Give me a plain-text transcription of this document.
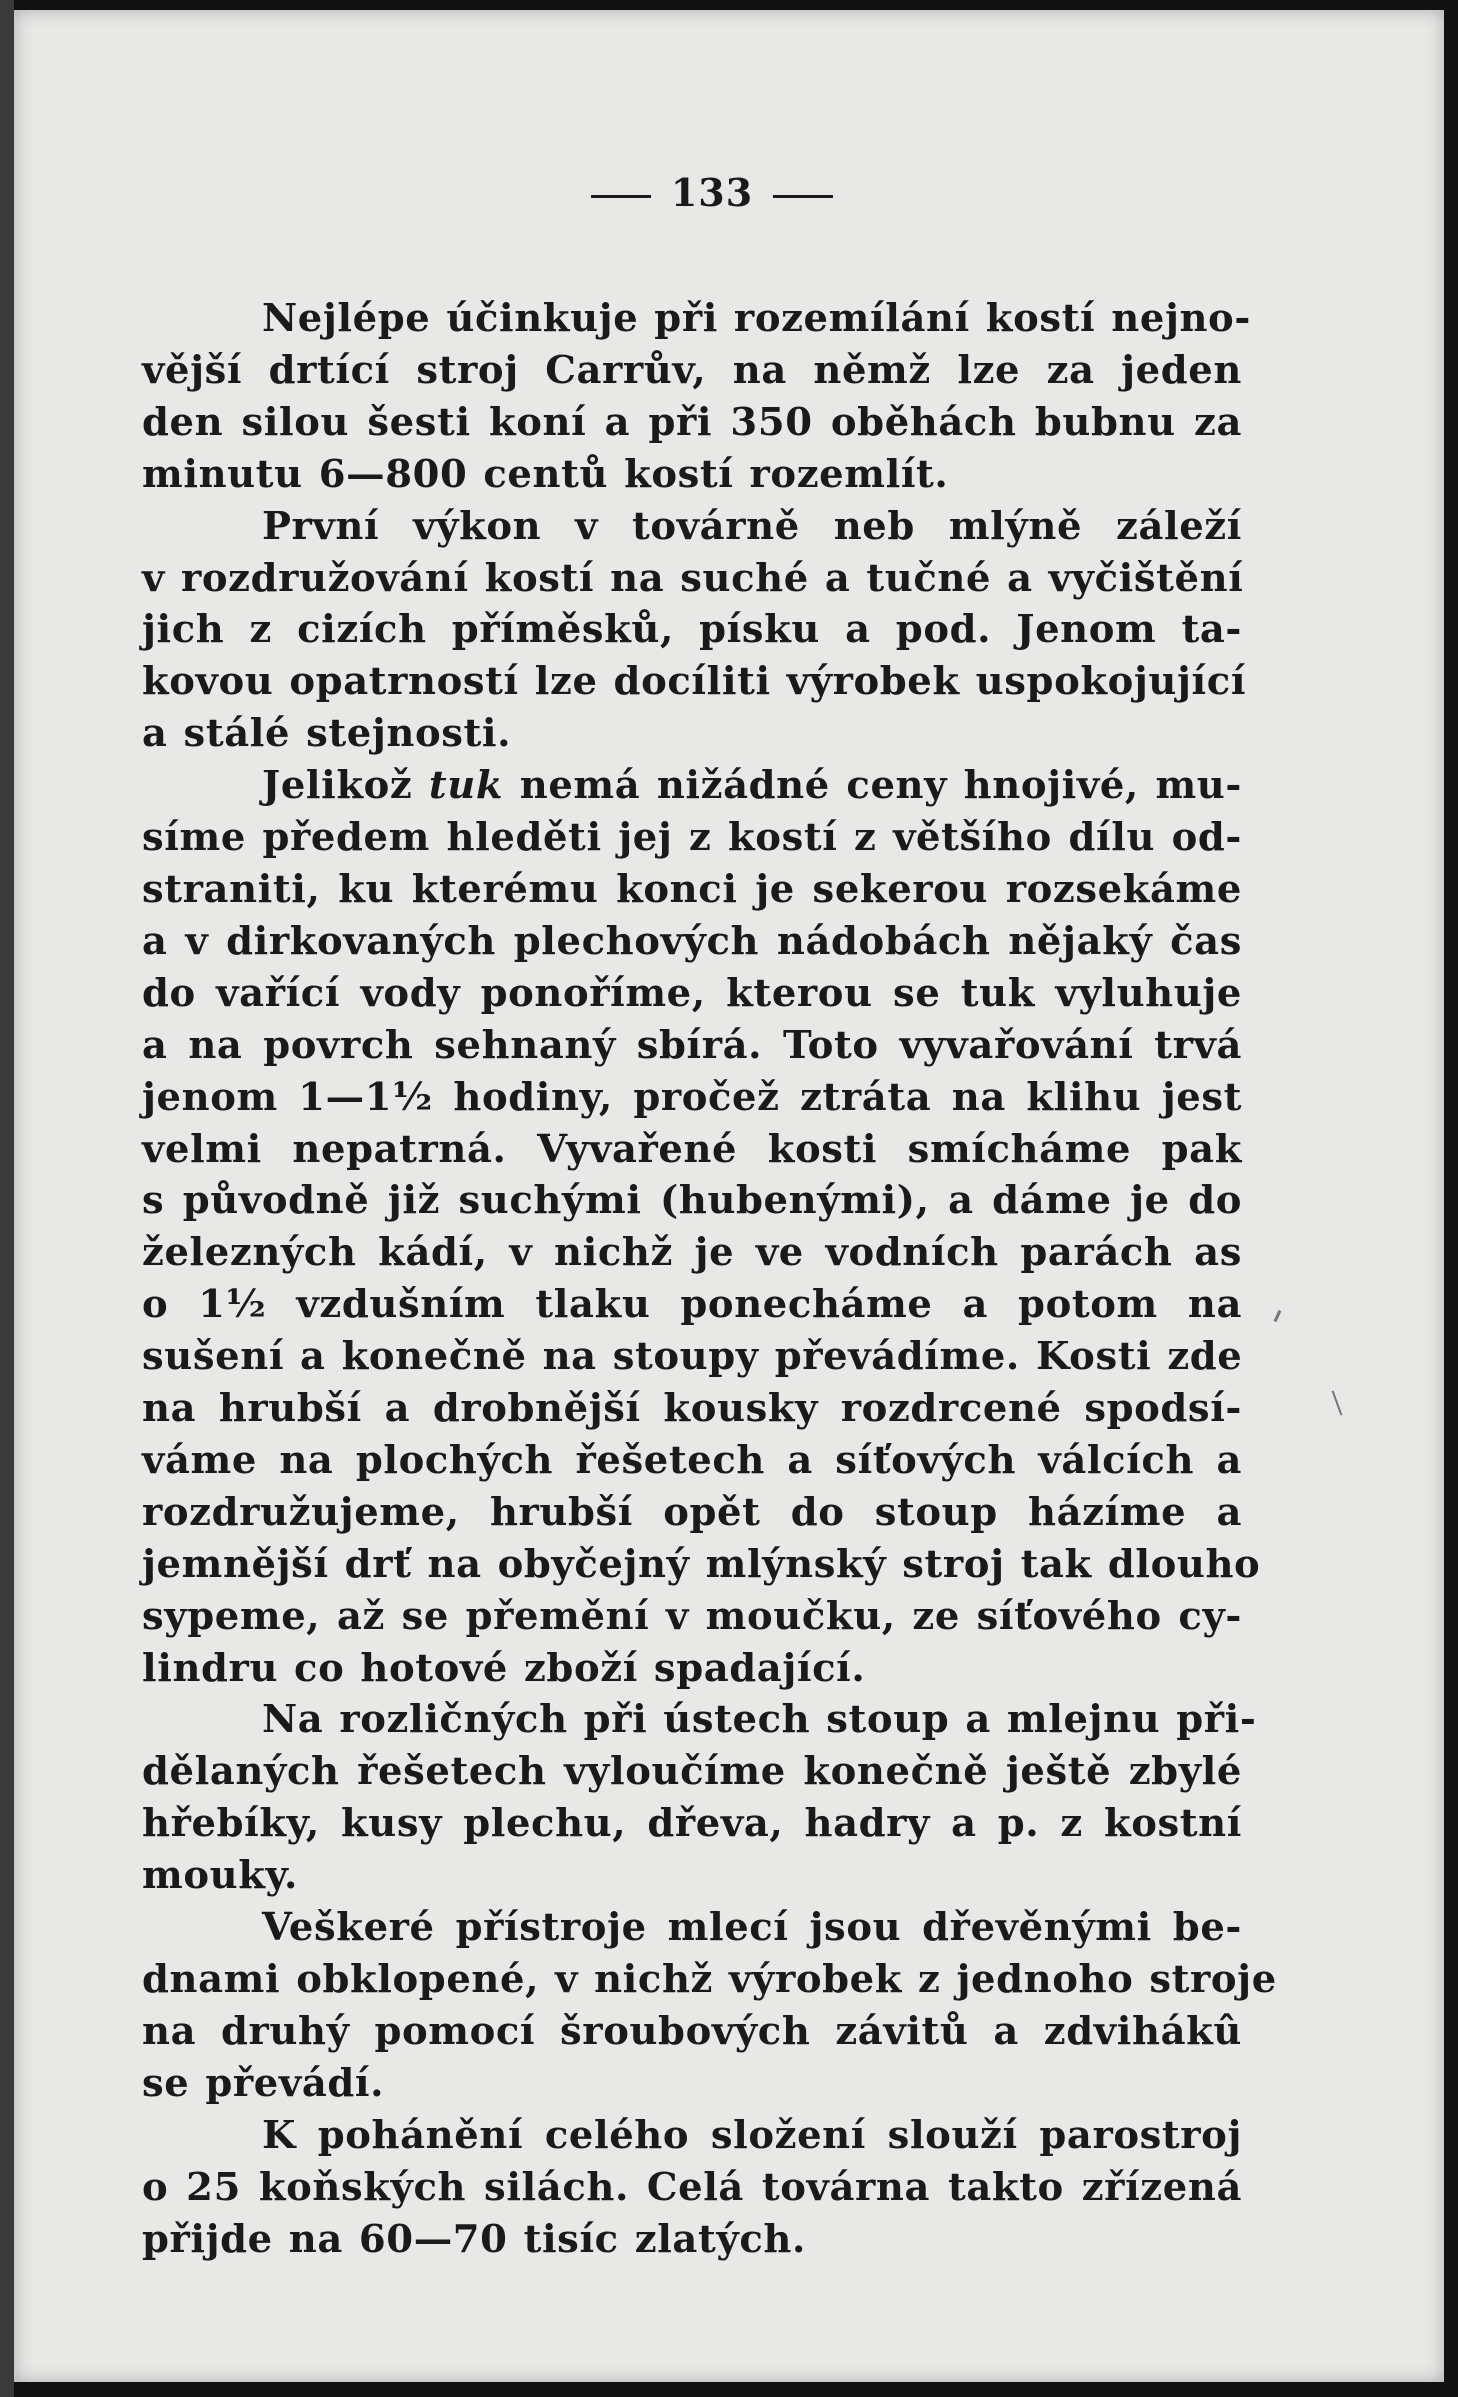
133

Nejlépe účinkuje při rozemílání kostí nejno-
vější drtící stroj Carrův, na němž lze za jeden
den silou šesti koní a při 350 oběhách bubnu za
minutu 6—800 centů kostí rozemlít.

První výkon v továrně neb mlýně záleží
v rozdružování kostí na suché a tučné a vyčištění
jich z cizích příměsků, písku a pod. Jenom ta-
kovou opatrností lze docíliti výrobek uspokojující
a stálé stejnosti.

Jelikož tuk nemá nižádné ceny hnojivé, mu-
síme předem hleděti jej z kostí z většího dílu od-
straniti, ku kterému konci je sekerou rozsekáme
a v dirkovaných plechových nádobách nějaký čas
do vařící vody ponoříme, kterou se tuk vyluhuje
a na povrch sehnaný sbírá. Toto vyvařování trvá
jenom 1—1½ hodiny, pročež ztráta na klihu jest
velmi nepatrná. Vyvařené kosti smícháme pak
s původně již suchými (hubenými), a dáme je do
železných kádí, v nichž je ve vodních parách as
o 1½ vzdušním tlaku ponecháme a potom na
sušení a konečně na stoupy převádíme. Kosti zde
na hrubší a drobnější kousky rozdrcené spodsí-
váme na plochých řešetech a síťových válcích a
rozdružujeme, hrubší opět do stoup házíme a
jemnější drť na obyčejný mlýnský stroj tak dlouho
sypeme, až se přemění v moučku, ze síťového cy-
lindru co hotové zboží spadající.

Na rozličných při ústech stoup a mlejnu při-
dělaných řešetech vyloučíme konečně ještě zbylé
hřebíky, kusy plechu, dřeva, hadry a p. z kostní
mouky.

Veškeré přístroje mlecí jsou dřevěnými be-
dnami obklopené, v nichž výrobek z jednoho stroje
na druhý pomocí šroubových závitů a zdvihákû
se převádí.

K pohánění celého složení slouží parostroj
o 25 koňských silách. Celá továrna takto zřízená
přijde na 60—70 tisíc zlatých.
